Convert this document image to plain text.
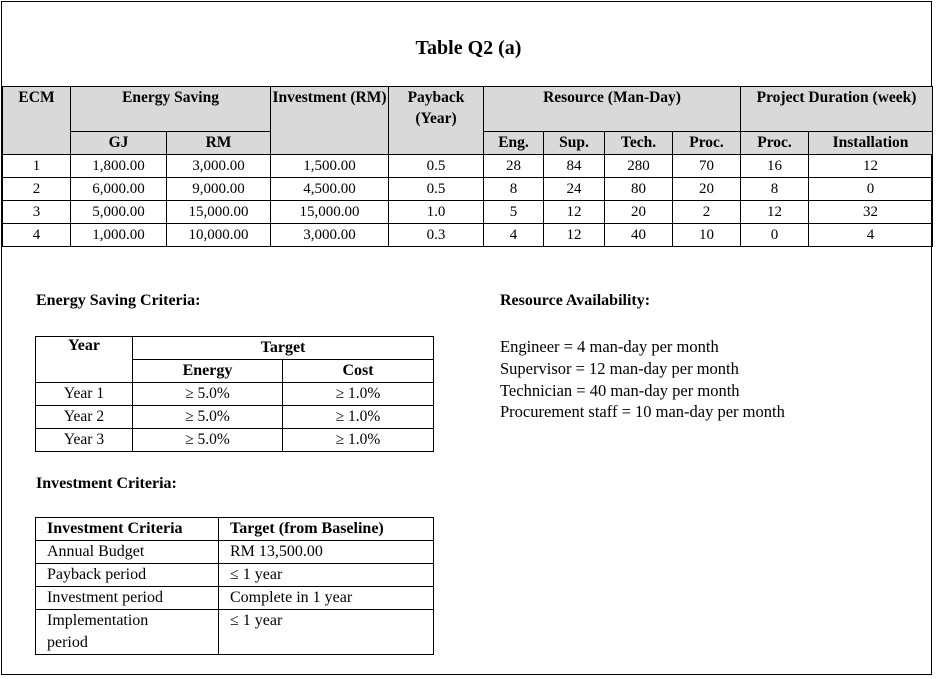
Table Q2 (a)
ECM	Energy Saving		Investment (RM)	Payback (Year)	Resource (Man-Day)				Project Duration (week)	
	GJ	RM			Eng.	Sup.	Tech.	Proc.	Proc.	Installation
1	1,800.00	3,000.00	1,500.00	0.5	28	84	280	70	16	12
2	6,000.00	9,000.00	4,500.00	0.5	8	24	80	20	8	0
3	5,000.00	15,000.00	15,000.00	1.0	5	12	20	2	12	32
4	1,000.00	10,000.00	3,000.00	0.3	4	12	40	10	0	4
Energy Saving Criteria:	Resource Availability:
Engineer = 4 man-day per month
Supervisor = 12 man-day per month
Technician = 40 man-day per month
Procurement staff = 10 man-day per month
Year	Target	
	Energy	Cost
Year 1	≥ 5.0%	≥ 1.0%
Year 2	≥ 5.0%	≥ 1.0%
Year 3	≥ 5.0%	≥ 1.0%
Investment Criteria:
Investment Criteria	Target (from Baseline)
Annual Budget	RM 13,500.00
Payback period	≤ 1 year
Investment period	Complete in 1 year
Implementation period	≤ 1 year
